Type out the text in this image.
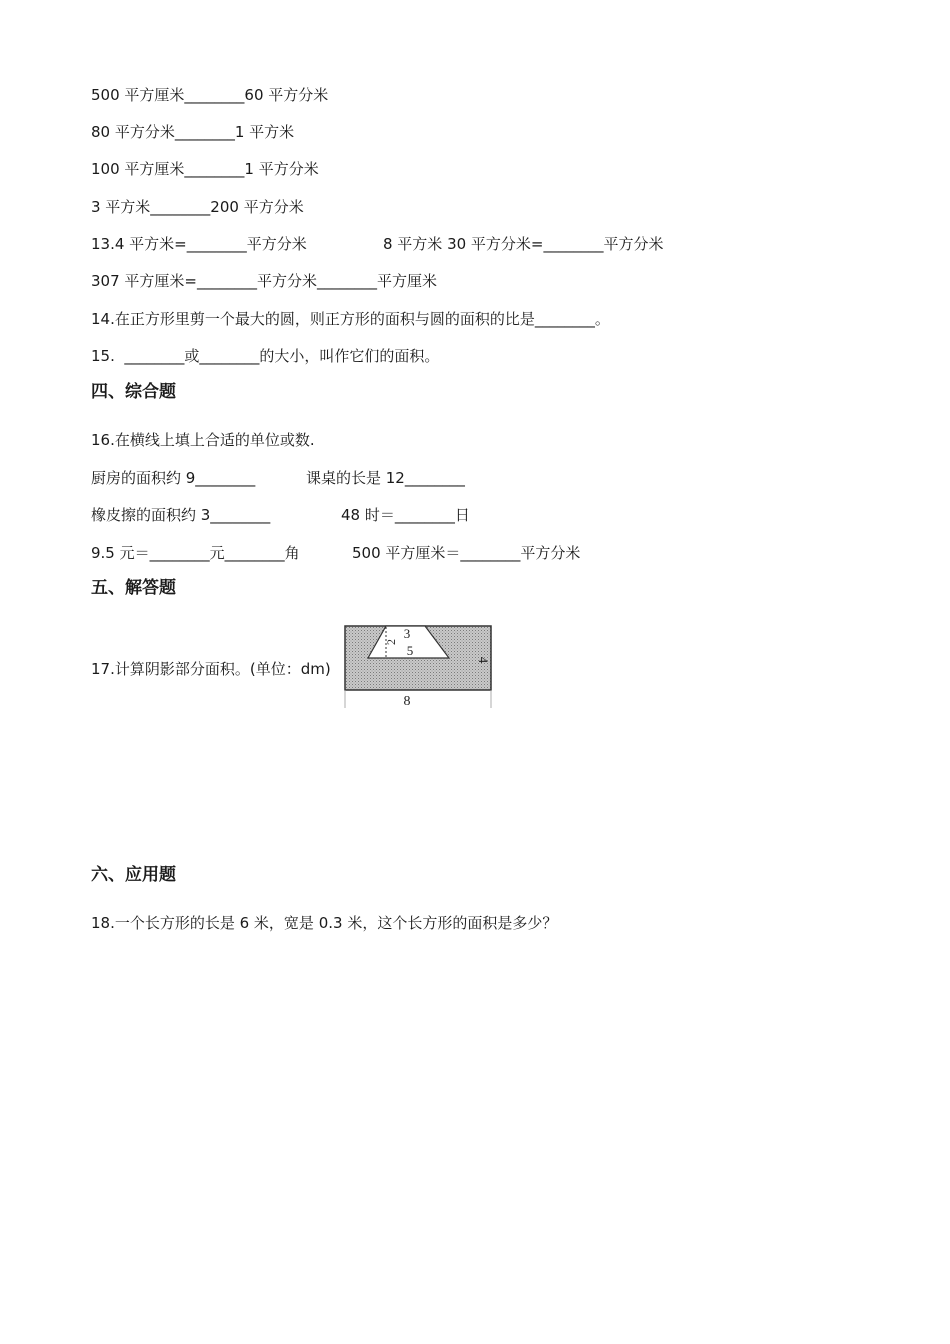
500 平方厘米________60 平方分米
80 平方分米________1 平方米
100 平方厘米________1 平方分米
3 平方米________200 平方分米
13.4 平方米=________平方分米	8 平方米 30 平方分米=________平方分米
307 平方厘米=________平方分米________平方厘米
14.在正方形里剪一个最大的圆，则正方形的面积与圆的面积的比是________。
15.  ________或________的大小，叫作它们的面积。
四、综合题
16.在横线上填上合适的单位或数.
厨房的面积约 9________	课桌的长是 12________
橡皮擦的面积约 3________	48 时＝________日
9.5 元＝________元________角	500 平方厘米＝________平方分米
五、解答题
17.计算阴影部分面积。(单位：dm)
3
5
2
4
8
六、应用题
18.一个长方形的长是 6 米，宽是 0.3 米，这个长方形的面积是多少？
